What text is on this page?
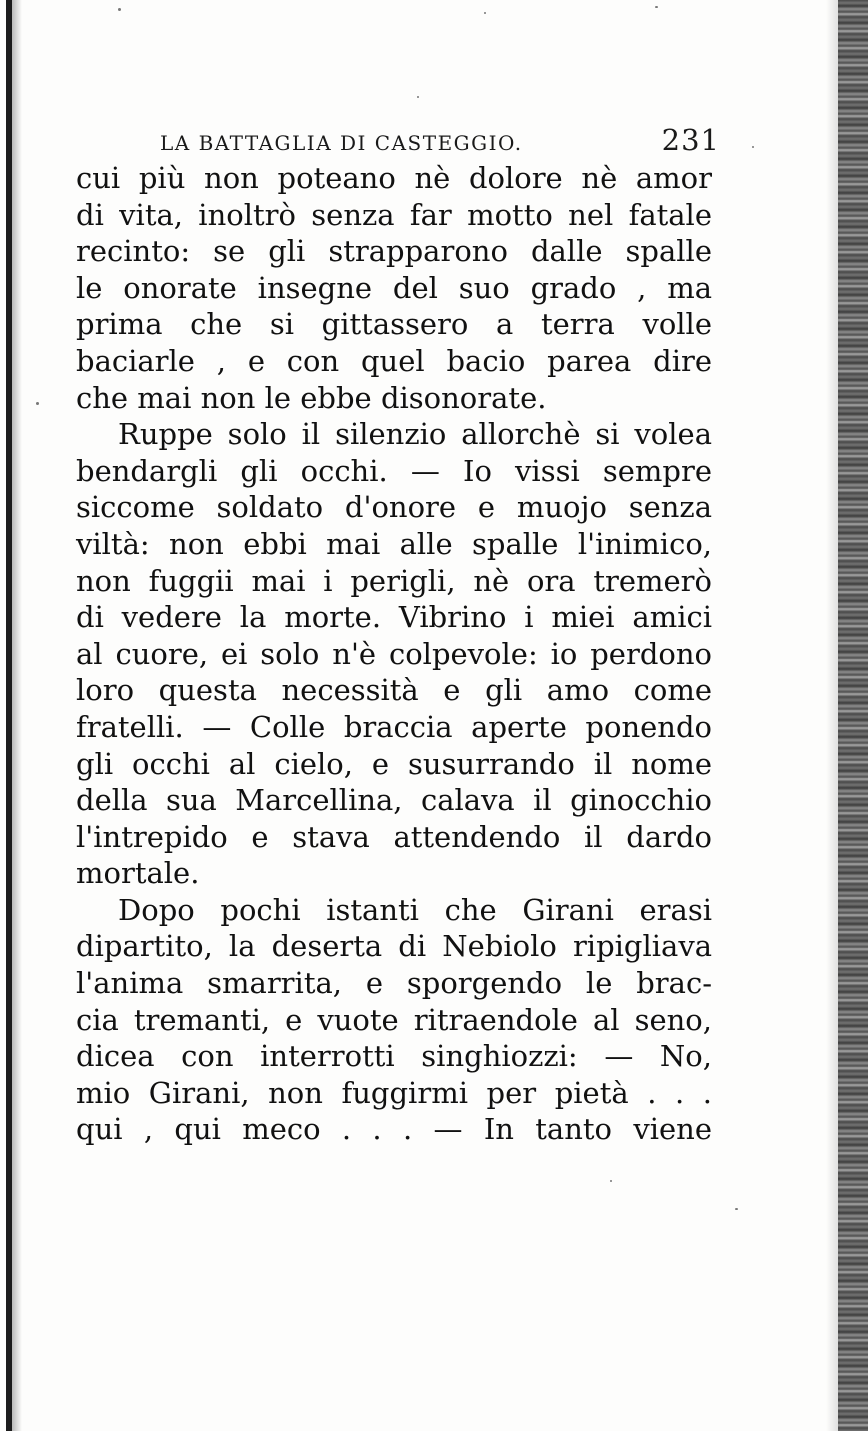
LA BATTAGLIA DI CASTEGGIO.	231
cui più non poteano nè dolore nè amor
di vita, inoltrò senza far motto nel fatale
recinto: se gli strapparono dalle spalle
le onorate insegne del suo grado , ma
prima che si gittassero a terra volle
baciarle , e con quel bacio parea dire
che mai non le ebbe disonorate.
Ruppe solo il silenzio allorchè si volea
bendargli gli occhi. — Io vissi sempre
siccome soldato d'onore e muojo senza
viltà: non ebbi mai alle spalle l'inimico,
non fuggii mai i perigli, nè ora tremerò
di vedere la morte. Vibrino i miei amici
al cuore, ei solo n'è colpevole: io perdono
loro questa necessità e gli amo come
fratelli. — Colle braccia aperte ponendo
gli occhi al cielo, e susurrando il nome
della sua Marcellina, calava il ginocchio
l'intrepido e stava attendendo il dardo
mortale.
Dopo pochi istanti che Girani erasi
dipartito, la deserta di Nebiolo ripigliava
l'anima smarrita, e sporgendo le brac-
cia tremanti, e vuote ritraendole al seno,
dicea con interrotti singhiozzi: — No,
mio Girani, non fuggirmi per pietà . . .
qui , qui meco . . . — In tanto viene
